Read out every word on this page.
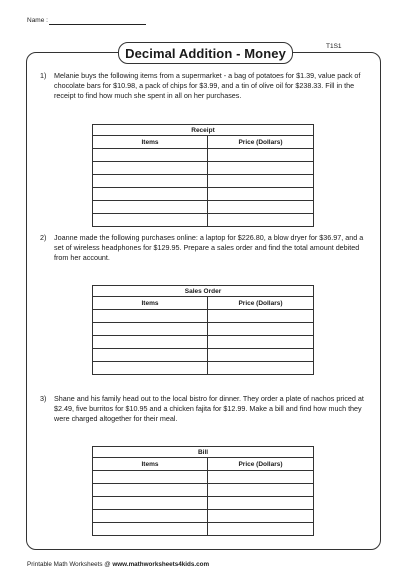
Name :
Decimal Addition - Money	T1S1
1) Melanie buys the following items from a supermarket - a bag of potatoes for $1.39, value pack of chocolate bars for $10.98, a pack of chips for $3.99, and a tin of olive oil for $238.33. Fill in the receipt to find how much she spent in all on her purchases.
Receipt	
Items	Price (Dollars)

2) Joanne made the following purchases online: a laptop for $226.80, a blow dryer for $36.97, and a set of wireless headphones for $129.95. Prepare a sales order and find the total amount debited from her account.
Sales Order	
Items	Price (Dollars)

3) Shane and his family head out to the local bistro for dinner. They order a plate of nachos priced at $2.49, five burritos for $10.95 and a chicken fajita for $12.99. Make a bill and find how much they were charged altogether for their meal.
Bill	
Items	Price (Dollars)

Printable Math Worksheets @ www.mathworksheets4kids.com
